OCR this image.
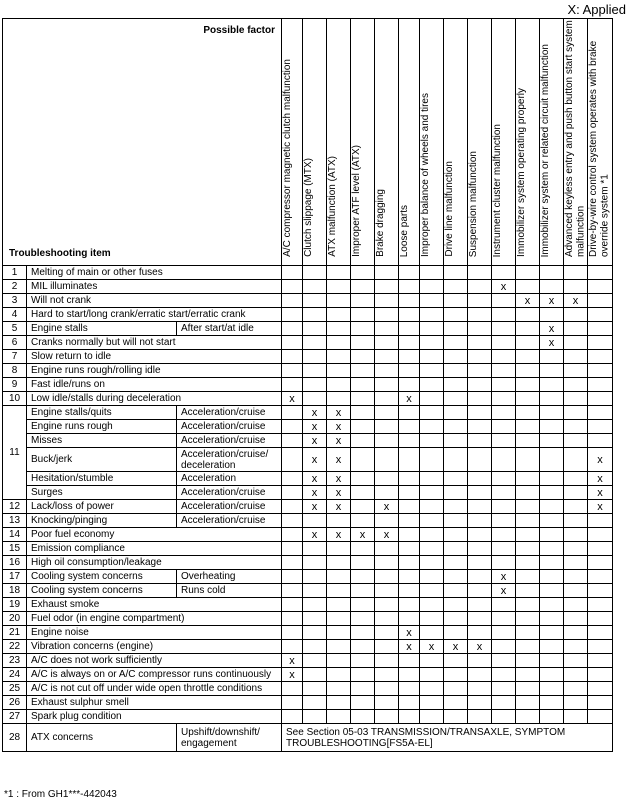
X: Applied
Possible factor
Troubleshooting item			A/C compressor magnetic clutch malfunction	Clutch slippage (MTX)	ATX malfunction (ATX)	Improper ATF level (ATX)	Brake dragging	Loose parts	Improper balance of wheels and tires	Drive line malfunction	Suspension malfunction	Instrument cluster malfunction	Immobilizer system operating properly	Immobilizer system or related circuit malfunction	Advanced keyless entry and push button start system malfunction	Drive-by-wire control system operates with brake override system *1
1	Melting of main or other fuses															
2	MIL illuminates											x				
3	Will not crank												x	x	x	
4	Hard to start/long crank/erratic start/erratic crank															
5	Engine stalls	After start/at idle												x		
6	Cranks normally but will not start													x		
7	Slow return to idle															
8	Engine runs rough/rolling idle															
9	Fast idle/runs on															
10	Low idle/stalls during deceleration		x					x								
11	Engine stalls/quits	Acceleration/cruise		x	x											
	Engine runs rough	Acceleration/cruise		x	x											
	Misses	Acceleration/cruise		x	x											
	Buck/jerk	Acceleration/cruise/ deceleration		x	x											x
	Hesitation/stumble	Acceleration		x	x											x
	Surges	Acceleration/cruise		x	x											x
12	Lack/loss of power	Acceleration/cruise		x	x		x									x
13	Knocking/pinging	Acceleration/cruise														
14	Poor fuel economy			x	x	x	x									
15	Emission compliance															
16	High oil consumption/leakage															
17	Cooling system concerns	Overheating										x				
18	Cooling system concerns	Runs cold										x				
19	Exhaust smoke															
20	Fuel odor (in engine compartment)															
21	Engine noise							x								
22	Vibration concerns (engine)							x	x	x	x					
23	A/C does not work sufficiently		x													
24	A/C is always on or A/C compressor runs continuously		x													
25	A/C is not cut off under wide open throttle conditions															
26	Exhaust sulphur smell															
27	Spark plug condition															
28	ATX concerns	Upshift/downshift/ engagement	See Section 05-03 TRANSMISSION/TRANSAXLE, SYMPTOM TROUBLESHOOTING[FS5A-EL]													
*1 : From GH1***-442043
